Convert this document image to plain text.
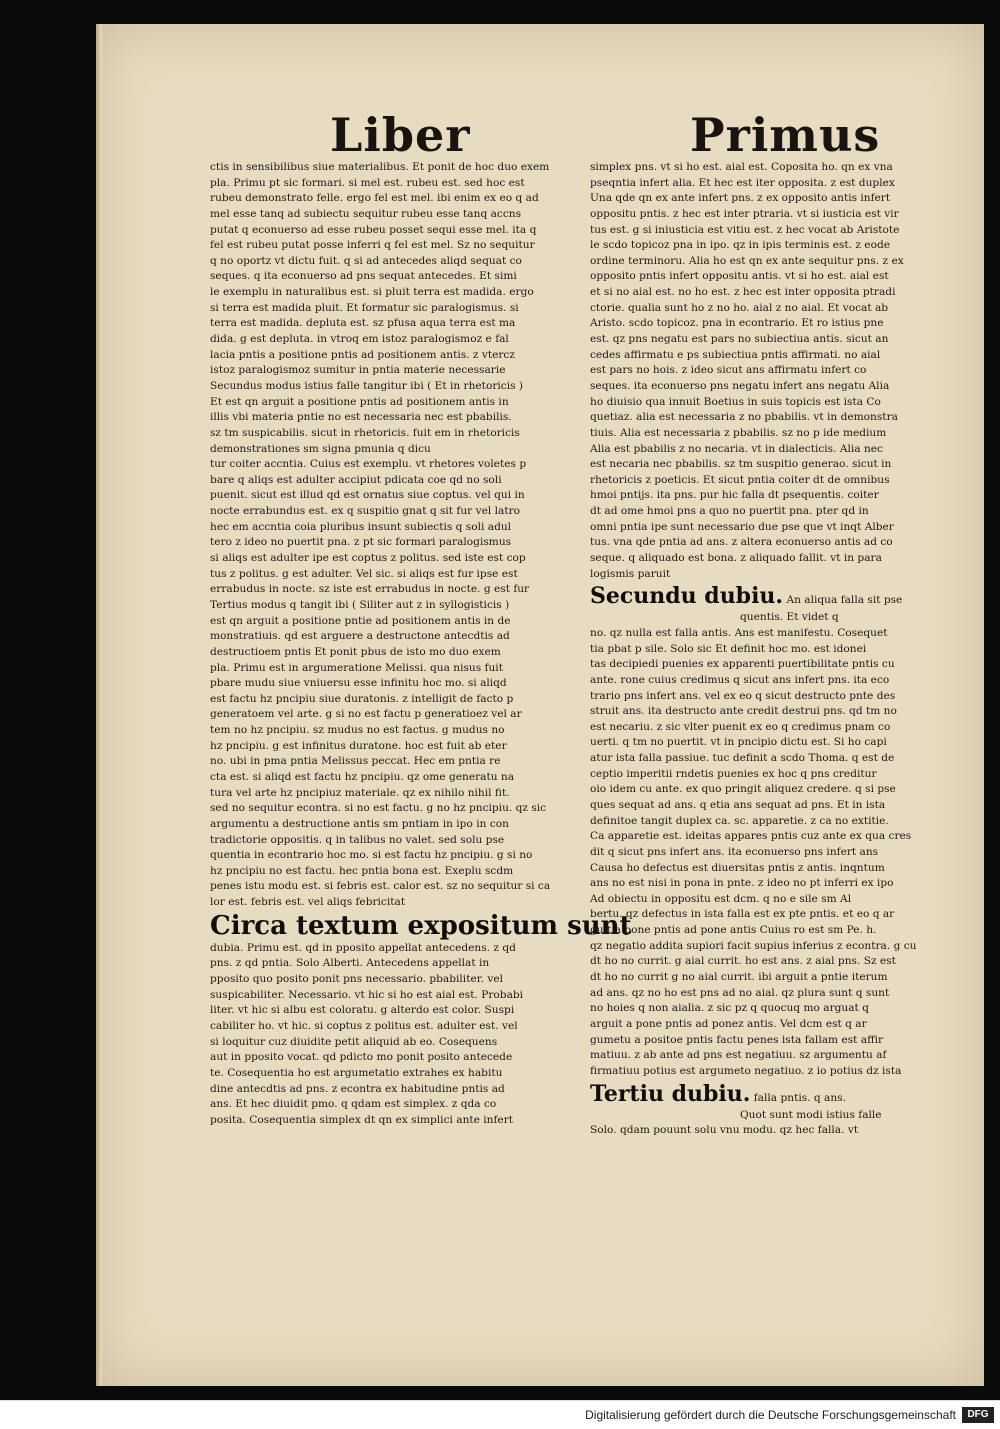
Liber	Primus
ctis in sensibilibus siue materialibus. Et ponit de hoc duo exem
pla. Primu pt sic formari. si mel est. rubeu est. sed hoc est
rubeu demonstrato felle. ergo fel est mel. ibi enim ex eo q ad
mel esse tanq ad subiectu sequitur rubeu esse tanq accns
putat q econuerso ad esse rubeu posset sequi esse mel. ita q
fel est rubeu putat posse inferri q fel est mel. Sz no sequitur
q no oportz vt dictu fuit. q si ad antecedes aliqd sequat co
seques. q ita econuerso ad pns sequat antecedes. Et simi
le exemplu in naturalibus est. si pluit terra est madida. ergo
si terra est madida pluit. Et formatur sic paralogismus. si
terra est madida. depluta est. sz pfusa aqua terra est ma
dida. g est depluta. in vtroq em istoz paralogismoz e fal
lacia pntis a positione pntis ad positionem antis. z vtercz
istoz paralogismoz sumitur in pntia materie necessarie
Secundus modus istius falle tangitur ibi ( Et in rhetoricis )
Et est qn arguit a positione pntis ad positionem antis in
illis vbi materia pntie no est necessaria nec est pbabilis.
sz tm suspicabilis. sicut in rhetoricis. fuit em in rhetoricis
demonstrationes sm signa pmunia q dicu
tur coiter accntia. Cuius est exemplu. vt rhetores voletes p
bare q aliqs est adulter accipiut pdicata coe qd no soli
puenit. sicut est illud qd est ornatus siue coptus. vel qui in
nocte errabundus est. ex q suspitio gnat q sit fur vel latro
hec em accntia coia pluribus insunt subiectis q soli adul
tero z ideo no puertit pna. z pt sic formari paralogismus
si aliqs est adulter ipe est coptus z politus. sed iste est cop
tus z politus. g est adulter. Vel sic. si aliqs est fur ipse est
errabudus in nocte. sz iste est errabudus in nocte. g est fur
Tertius modus q tangit ibi ( Siliter aut z in syllogisticis )
est qn arguit a positione pntie ad positionem antis in de
monstratiuis. qd est arguere a destructone antecdtis ad
destructioem pntis Et ponit pbus de isto mo duo exem
pla. Primu est in argumeratione Melissi. qua nisus fuit
pbare mudu siue vniuersu esse infinitu hoc mo. si aliqd
est factu hz pncipiu siue duratonis. z intelligit de facto p
generatoem vel arte. g si no est factu p generatioez vel ar
tem no hz pncipiu. sz mudus no est factus. g mudus no
hz pncipiu. g est infinitus duratone. hoc est fuit ab eter
no. ubi in pma pntia Melissus peccat. Hec em pntia re
cta est. si aliqd est factu hz pncipiu. qz ome generatu na
tura vel arte hz pncipiuz materiale. qz ex nihilo nihil fit.
sed no sequitur econtra. si no est factu. g no hz pncipiu. qz sic
argumentu a destructione antis sm pntiam in ipo in con
tradictorie oppositis. q in talibus no valet. sed solu pse
quentia in econtrario hoc mo. si est factu hz pncipiu. g si no
hz pncipiu no est factu. hec pntia bona est. Exeplu scdm
penes istu modu est. si febris est. calor est. sz no sequitur si ca
lor est. febris est. vel aliqs febricitat
Circa textum expositum sunt
dubia. Primu est. qd in pposito appellat antecedens. z qd
pns. z qd pntia. Solo Alberti. Antecedens appellat in
pposito quo posito ponit pns necessario. pbabiliter. vel
suspicabiliter. Necessario. vt hic si ho est aial est. Probabi
liter. vt hic si albu est coloratu. g alterdo est color. Suspi
cabiliter ho. vt hic. si coptus z politus est. adulter est. vel
si loquitur cuz diuidite petit aliquid ab eo. Cosequens
aut in pposito vocat. qd pdicto mo ponit posito antecede
te. Cosequentia ho est argumetatio extrahes ex habitu
dine antecdtis ad pns. z econtra ex habitudine pntis ad
ans. Et hec diuidit pmo. q qdam est simplex. z qda co
posita. Cosequentia simplex dt qn ex simplici ante infert
simplex pns. vt si ho est. aial est. Coposita ho. qn ex vna
pseqntia infert alia. Et hec est iter opposita. z est duplex
Una qde qn ex ante infert pns. z ex opposito antis infert
oppositu pntis. z hec est inter ptraria. vt si iusticia est vir
tus est. g si iniusticia est vitiu est. z hec vocat ab Aristote
le scdo topicoz pna in ipo. qz in ipis terminis est. z eode
ordine terminoru. Alia ho est qn ex ante sequitur pns. z ex
opposito pntis infert oppositu antis. vt si ho est. aial est
et si no aial est. no ho est. z hec est inter opposita ptradi
ctorie. qualia sunt ho z no ho. aial z no aial. Et vocat ab
Aristo. scdo topicoz. pna in econtrario. Et ro istius pne
est. qz pns negatu est pars no subiectiua antis. sicut an
cedes affirmatu e ps subiectiua pntis affirmati. no aial
est pars no hois. z ideo sicut ans affirmatu infert co
seques. ita econuerso pns negatu infert ans negatu Alia
ho diuisio qua innuit Boetius in suis topicis est ista Co
quetiaz. alia est necessaria z no pbabilis. vt in demonstra
tiuis. Alia est necessaria z pbabilis. sz no p ide medium
Alia est pbabilis z no necaria. vt in dialecticis. Alia nec
est necaria nec pbabilis. sz tm suspitio generao. sicut in
rhetoricis z poeticis. Et sicut pntia coiter dt de omnibus
hmoi pntijs. ita pns. pur hic falla dt psequentis. coiter
dt ad ome hmoi pns a quo no puertit pna. pter qd in
omni pntia ipe sunt necessario due pse que vt inqt Alber
tus. vna qde pntia ad ans. z altera econuerso antis ad co
seque. q aliquado est bona. z aliquado fallit. vt in para
logismis paruit
Secundu dubiu. An aliqua falla sit pse
quentis. Et videt q
no. qz nulla est falla antis. Ans est manifestu. Cosequet
tia pbat p sile. Solo sic Et definit hoc mo. est idonei
tas decipiedi puenies ex apparenti puertibilitate pntis cu
ante. rone cuius credimus q sicut ans infert pns. ita eco
trario pns infert ans. vel ex eo q sicut destructo pnte des
struit ans. ita destructo ante credit destrui pns. qd tm no
est necariu. z sic vlter puenit ex eo q credimus pnam co
uerti. q tm no puertit. vt in pncipio dictu est. Si ho capi
atur ista falla passiue. tuc definit a scdo Thoma. q est de
ceptio imperitii rndetis puenies ex hoc q pns creditur
oio idem cu ante. ex quo pringit aliquez credere. q si pse
ques sequat ad ans. q etia ans sequat ad pns. Et in ista
definitoe tangit duplex ca. sc. apparetie. z ca no extitie.
Ca apparetie est. ideitas appares pntis cuz ante ex qua cres
dit q sicut pns infert ans. ita econuerso pns infert ans
Causa ho defectus est diuersitas pntis z antis. inqntum
ans no est nisi in pona in pnte. z ideo no pt inferri ex ipo
Ad obiectu in oppositu est dcm. q no e sile sm Al
bertu. qz defectus in ista falla est ex pte pntis. et eo q ar
guit a pone pntis ad pone antis Cuius ro est sm Pe. h.
qz negatio addita supiori facit supius inferius z econtra. g cu
dt ho no currit. g aial currit. ho est ans. z aial pns. Sz est
dt ho no currit g no aial currit. ibi arguit a pntie iterum
ad ans. qz no ho est pns ad no aial. qz plura sunt q sunt
no hoies q non aialia. z sic pz q quocuq mo arguat q
arguit a pone pntis ad ponez antis. Vel dcm est q ar
gumetu a positoe pntis factu penes ista fallam est affir
matiuu. z ab ante ad pns est negatiuu. sz argumentu af
firmatiuu potius est argumeto negatiuo. z io potius dz ista
Tertiu dubiu. falla pntis. q ans.
Quot sunt modi istius falle
Solo. qdam pouunt solu vnu modu. qz hec falla. vt
Digitalisierung gefördert durch die Deutsche Forschungsgemeinschaft	DFG
